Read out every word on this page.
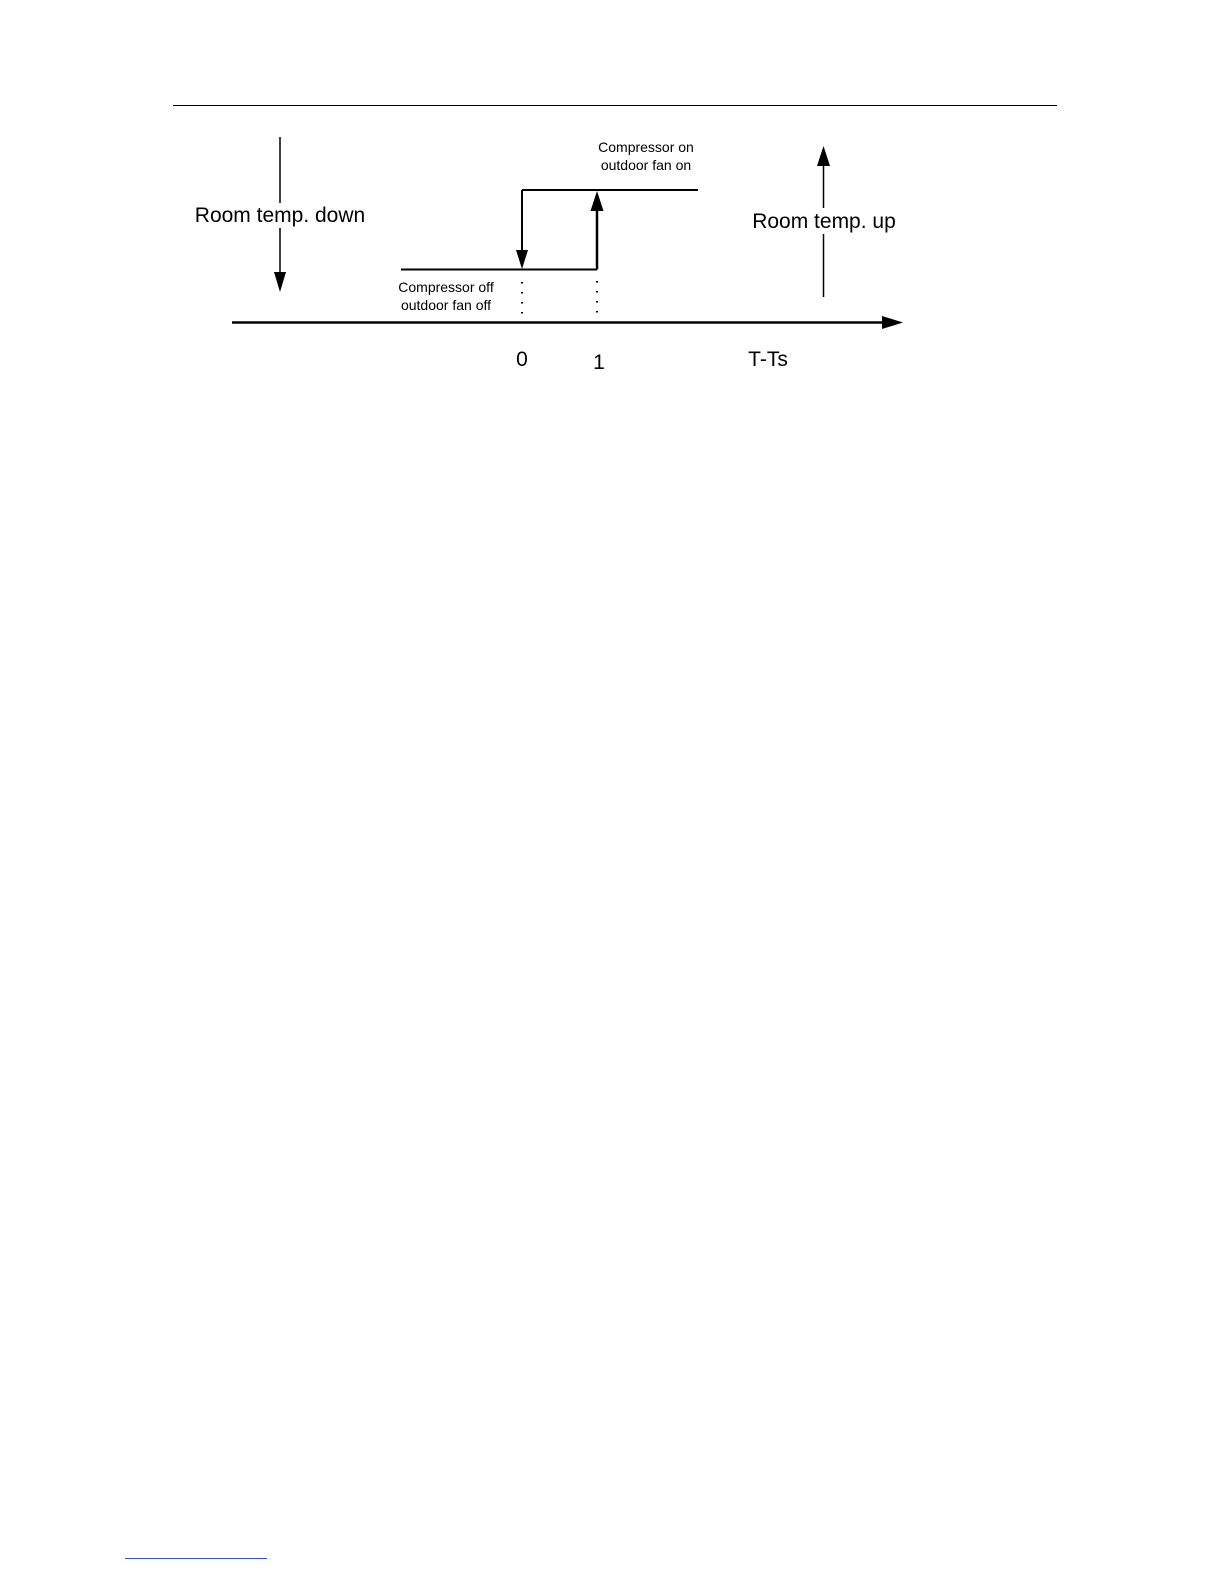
Room temp. down	Room temp. up
Compressor on
outdoor fan on
Compressor off
outdoor fan off
0	1	T-Ts
